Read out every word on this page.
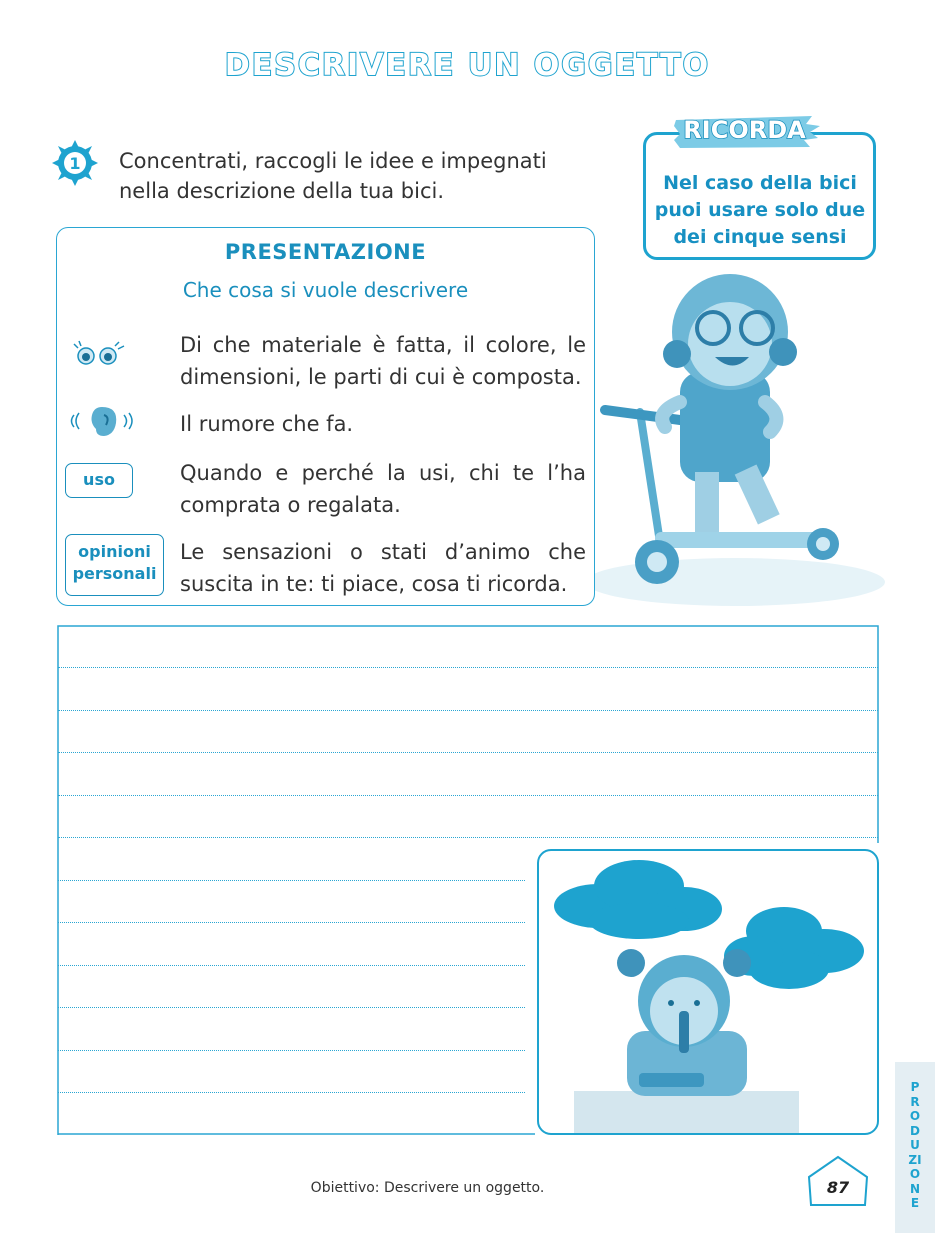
DESCRIVERE UN OGGETTO
1 Concentrati, raccogli le idee e impegnati nella descrizione della tua bici.
RICORDA
Nel caso della bici puoi usare solo due dei cinque sensi
PRESENTAZIONE
Che cosa si vuole descrivere
Di che materiale è fatta, il colore, le dimensioni, le parti di cui è composta.
Il rumore che fa.
uso	Quando e perché la usi, chi te l’ha comprata o regalata.
opinioni personali
Le sensazioni o stati d’animo che suscita in te: ti piace, cosa ti ricorda.
Obiettivo: Descrivere un oggetto.	87
PRODUZIONE
